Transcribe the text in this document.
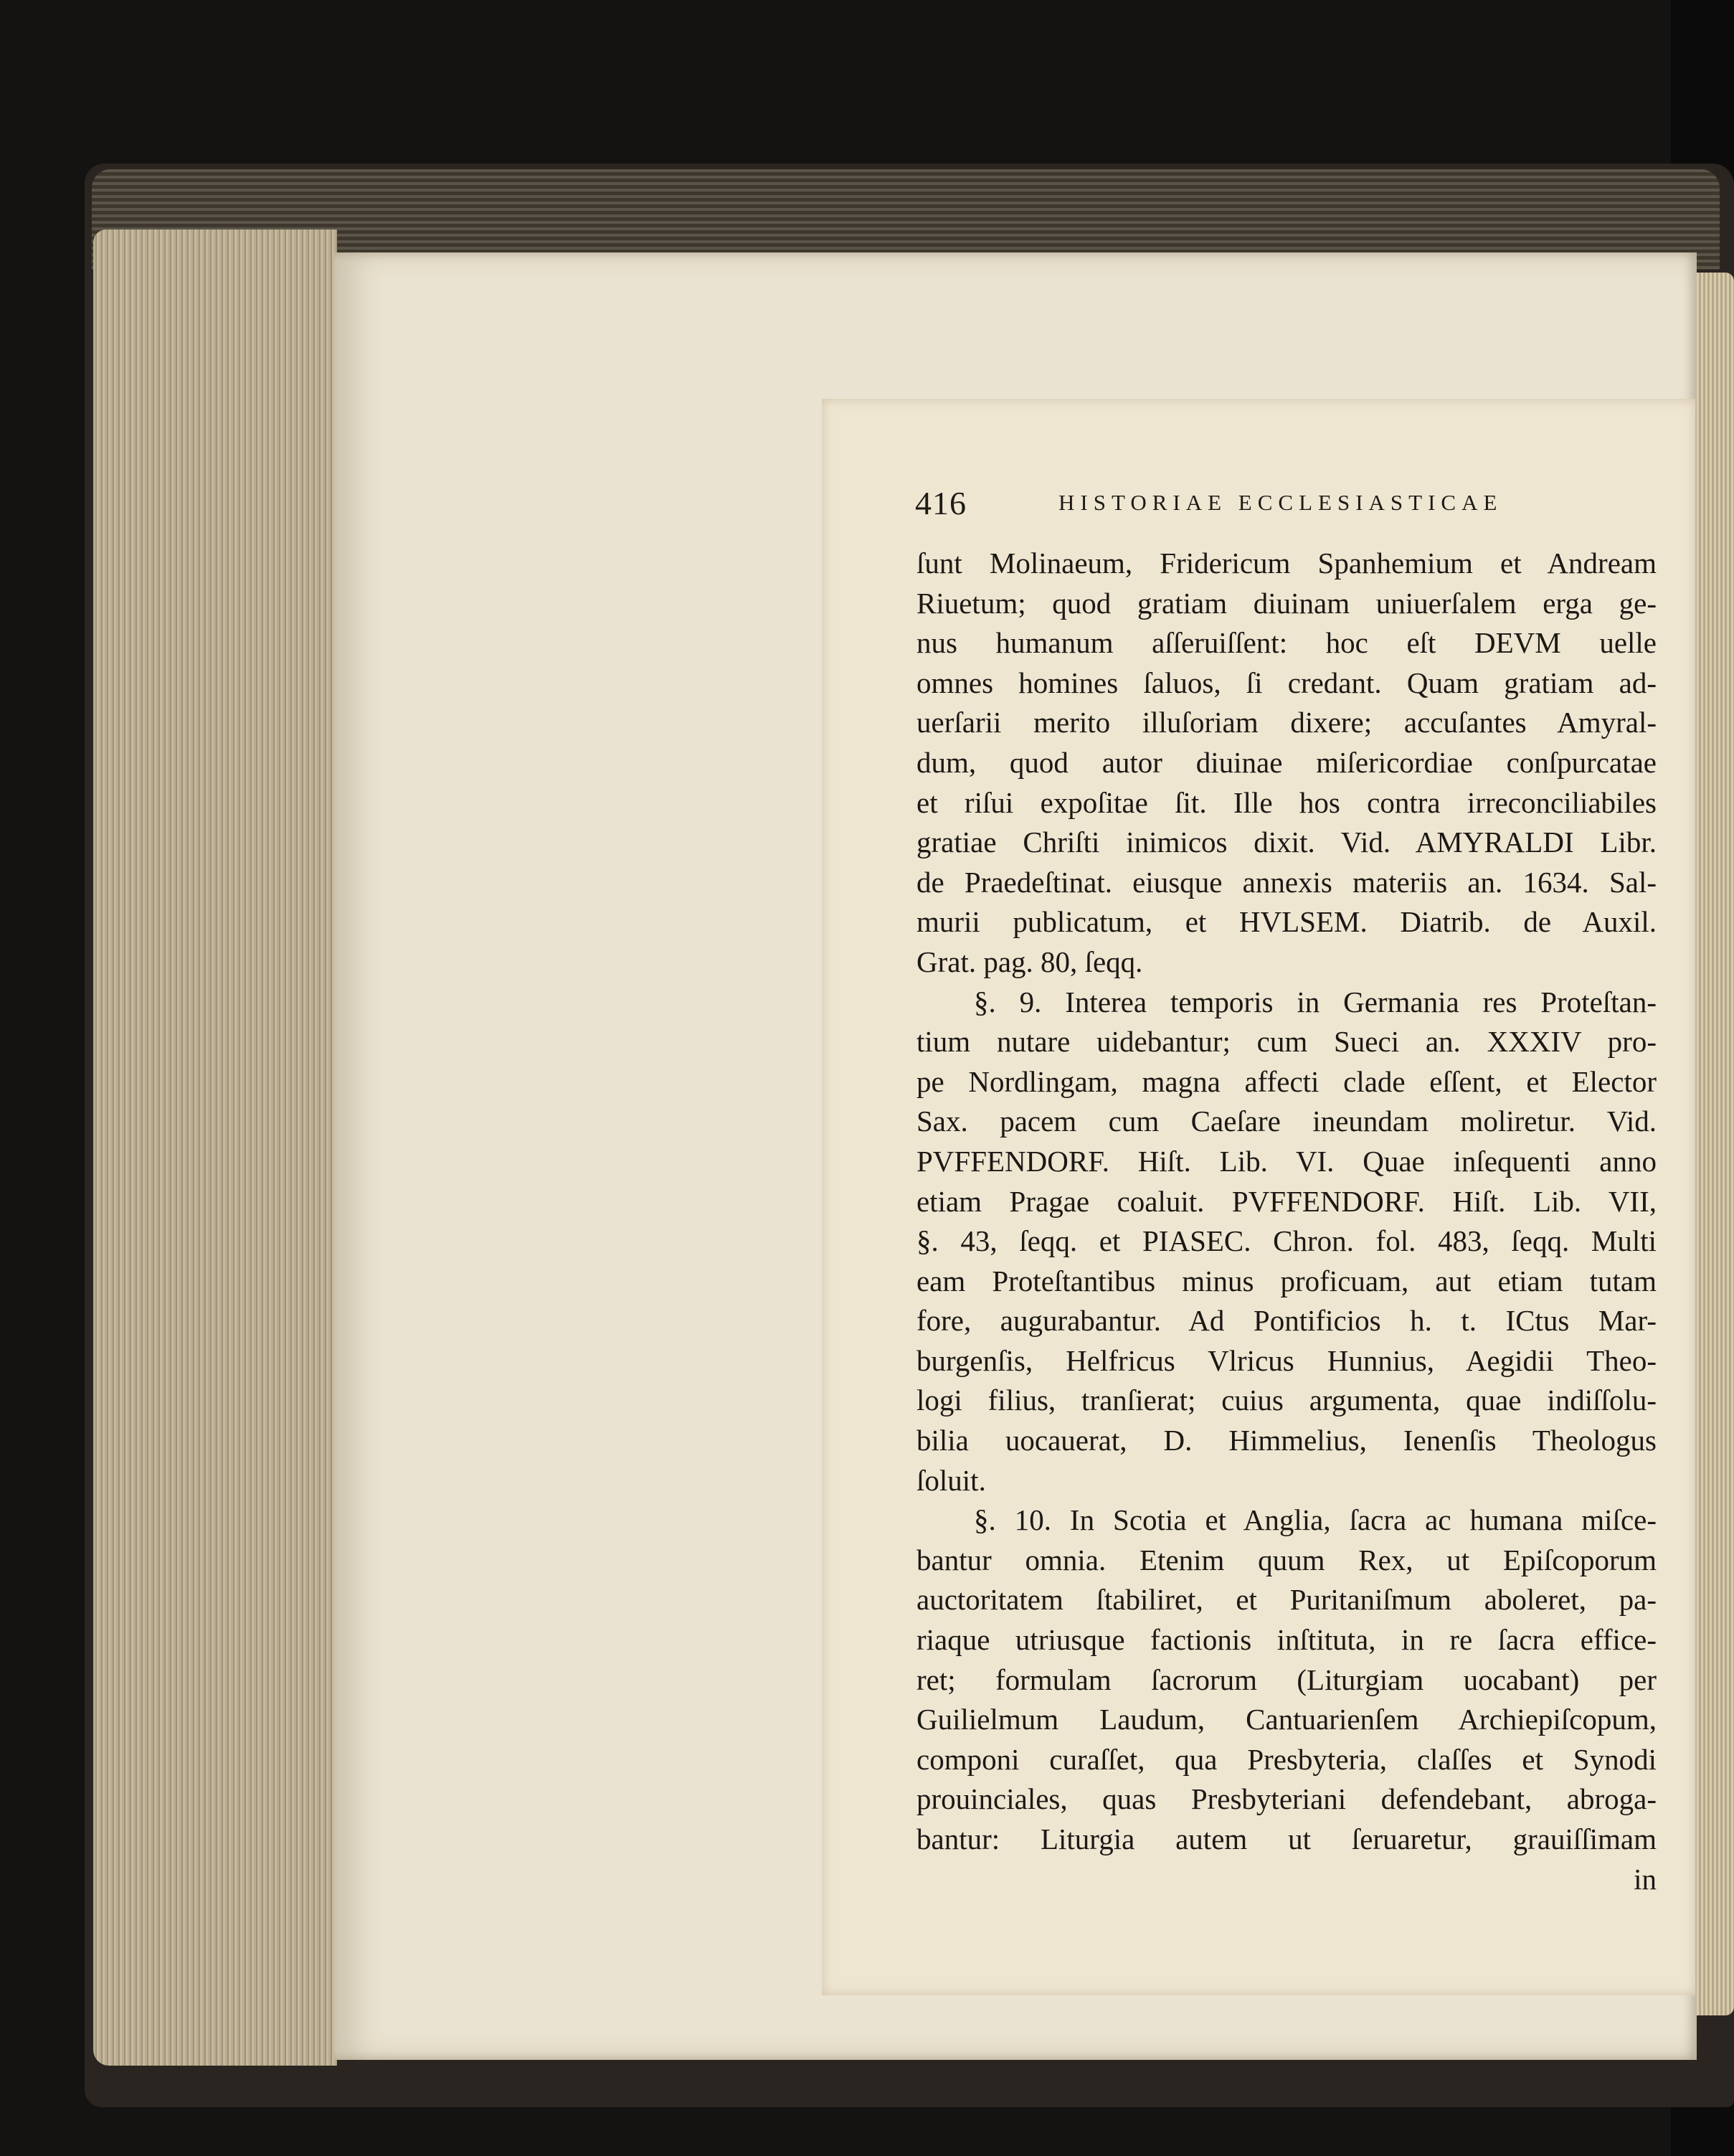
416	HISTORIAE ECCLESIASTICAE
ſunt Molinaeum, Fridericum Spanhemium et Andream
Riuetum; quod gratiam diuinam uniuerſalem erga ge-
nus humanum aſſeruiſſent: hoc eſt DEVM uelle
omnes homines ſaluos, ſi credant. Quam gratiam ad-
uerſarii merito illuſoriam dixere; accuſantes Amyral-
dum, quod autor diuinae miſericordiae conſpurcatae
et riſui expoſitae ſit. Ille hos contra irreconciliabiles
gratiae Chriſti inimicos dixit. Vid. AMYRALDI Libr.
de Praedeſtinat. eiusque annexis materiis an. 1634. Sal-
murii publicatum, et HVLSEM. Diatrib. de Auxil.
Grat. pag. 80, ſeqq.
§. 9. Interea temporis in Germania res Proteſtan-
tium nutare uidebantur; cum Sueci an. XXXIV pro-
pe Nordlingam, magna affecti clade eſſent, et Elector
Sax. pacem cum Caeſare ineundam moliretur. Vid.
PVFFENDORF. Hiſt. Lib. VI. Quae inſequenti anno
etiam Pragae coaluit. PVFFENDORF. Hiſt. Lib. VII,
§. 43, ſeqq. et PIASEC. Chron. fol. 483, ſeqq. Multi
eam Proteſtantibus minus proficuam, aut etiam tutam
fore, augurabantur. Ad Pontificios h. t. ICtus Mar-
burgenſis, Helfricus Vlricus Hunnius, Aegidii Theo-
logi filius, tranſierat; cuius argumenta, quae indiſſolu-
bilia uocauerat, D. Himmelius, Ienenſis Theologus
ſoluit.
§. 10. In Scotia et Anglia, ſacra ac humana miſce-
bantur omnia. Etenim quum Rex, ut Epiſcoporum
auctoritatem ſtabiliret, et Puritaniſmum aboleret, pa-
riaque utriusque factionis inſtituta, in re ſacra effice-
ret; formulam ſacrorum (Liturgiam uocabant) per
Guilielmum Laudum, Cantuarienſem Archiepiſcopum,
componi curaſſet, qua Presbyteria, claſſes et Synodi
prouinciales, quas Presbyteriani defendebant, abroga-
bantur: Liturgia autem ut ſeruaretur, grauiſſimam
in
